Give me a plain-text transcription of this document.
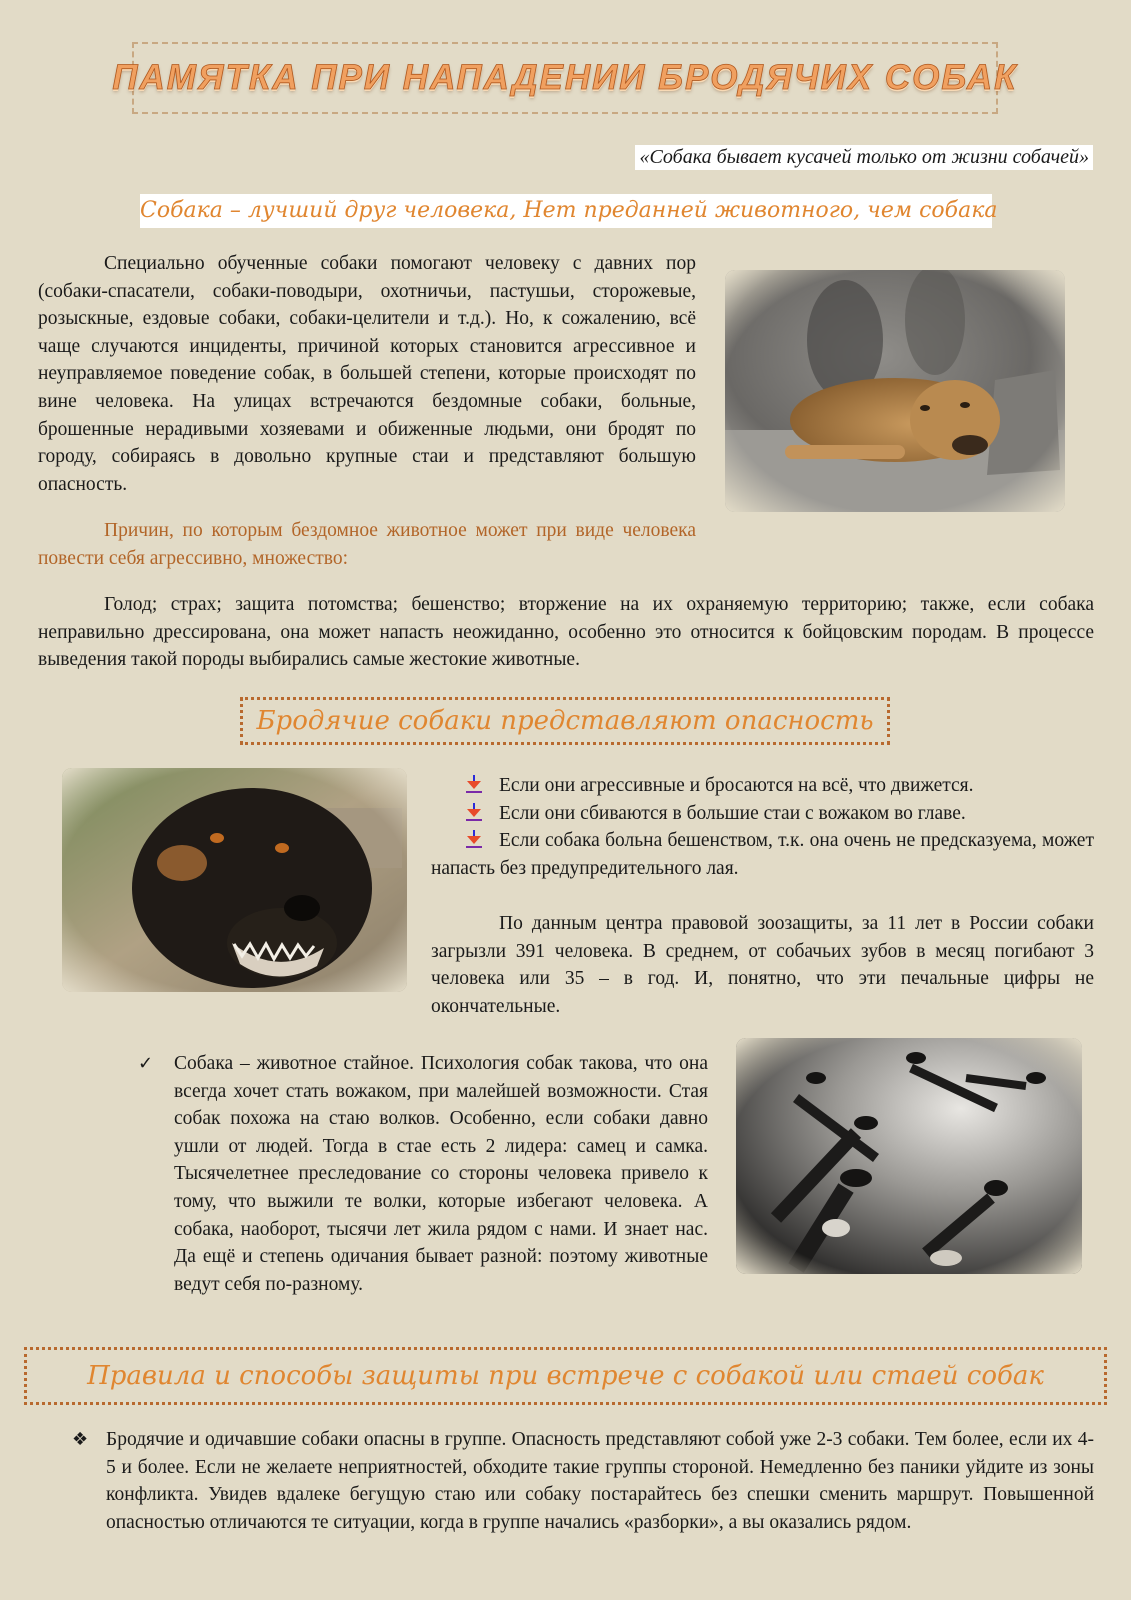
ПАМЯТКА ПРИ НАПАДЕНИИ БРОДЯЧИХ СОБАК
«Собака бывает кусачей только от жизни собачей»
Собака – лучший друг человека, Нет преданней животного, чем собака

Специально обученные собаки помогают человеку с давних пор (собаки-спасатели, собаки-поводыри, охотничьи, пастушьи, сторожевые, розыскные, ездовые собаки, собаки-целители и т.д.). Но, к сожалению, всё чаще случаются инциденты, причиной которых становится агрессивное и неуправляемое поведение собак, в большей степени, которые происходят по вине человека. На улицах встречаются бездомные собаки, больные, брошенные нерадивыми хозяевами и обиженные людьми, они бродят по городу, собираясь в довольно крупные стаи и представляют большую опасность.

Причин, по которым бездомное животное может при виде человека повести себя агрессивно, множество:

Голод; страх; защита потомства; бешенство; вторжение на их охраняемую территорию; также, если собака неправильно дрессирована, она может напасть неожиданно, особенно это относится к бойцовским породам. В процессе выведения такой породы выбирались самые жестокие животные.

Бродячие собаки представляют опасность
Если они агрессивные и бросаются на всё, что движется.
Если они сбиваются в большие стаи с вожаком во главе.
Если собака больна бешенством, т.к. она очень не предсказуема, может напасть без предупредительного лая.

По данным центра правовой зоозащиты, за 11 лет в России собаки загрызли 391 человека. В среднем, от собачьих зубов в месяц погибают 3 человека или 35 – в год. И, понятно, что эти печальные цифры не окончательные.

✓ Собака – животное стайное. Психология собак такова, что она всегда хочет стать вожаком, при малейшей возможности. Стая собак похожа на стаю волков. Особенно, если собаки давно ушли от людей. Тогда в стае есть 2 лидера: самец и самка. Тысячелетнее преследование со стороны человека привело к тому, что выжили те волки, которые избегают человека. А собака, наоборот, тысячи лет жила рядом с нами. И знает нас. Да ещё и степень одичания бывает разной: поэтому животные ведут себя по-разному.
Правила и способы защиты при встрече с собакой или стаей собак
❖ Бродячие и одичавшие собаки опасны в группе. Опасность представляют собой уже 2-3 собаки. Тем более, если их 4-5 и более. Если не желаете неприятностей, обходите такие группы стороной. Немедленно без паники уйдите из зоны конфликта. Увидев вдалеке бегущую стаю или собаку постарайтесь без спешки сменить маршрут. Повышенной опасностью отличаются те ситуации, когда в группе начались «разборки», а вы оказались рядом.
